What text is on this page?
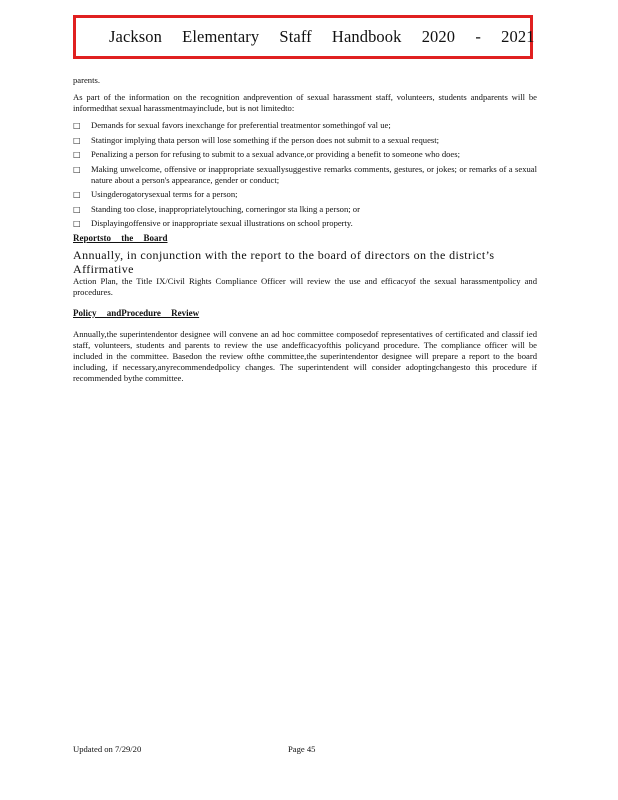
Jackson Elementary Staff Handbook 2020 - 2021

parents.

As part of the information on the recognition andprevention of sexual harassment staff, volunteers, students andparents will be informedthat sexual harassmentmayinclude, but is not limitedto:

□	Demands for sexual favors inexchange for preferential treatmentor somethingof val ue;
□	Statingor implying thata person will lose something if the person does not submit to a sexual request;
□	Penalizing a person for refusing to submit to a sexual advance,or providing a benefit to someone who does;
□	Making unwelcome, offensive or inappropriate sexuallysuggestive remarks comments, gestures, or jokes; or remarks of a sexual nature about a person's appearance, gender or conduct;
□	Usingderogatorysexual terms for a person;
□	Standing too close, inappropriatelytouching, corneringor sta lking a person; or
□	Displayingoffensive or inappropriate sexual illustrations on school property.

Reportsto the Board

Annually, in conjunction with the report to the board of directors on the district’s Affirmative

Action Plan, the Title IX/Civil Rights Compliance Officer will review the use and efficacyof the sexual harassmentpolicy and procedures.

Policy andProcedure Review

Annually,the superintendentor designee will convene an ad hoc committee composedof representatives of certificated and classif ied staff, volunteers, students and parents to review the use andefficacyofthis policyand procedure. The compliance officer will be included in the committee. Basedon the review ofthe committee,the superintendentor designee will prepare a report to the board including, if necessary,anyrecommendedpolicy changes. The superintendent will consider adoptingchangesto this procedure if recommended bythe committee.

Updated on 7/29/20	Page 45
